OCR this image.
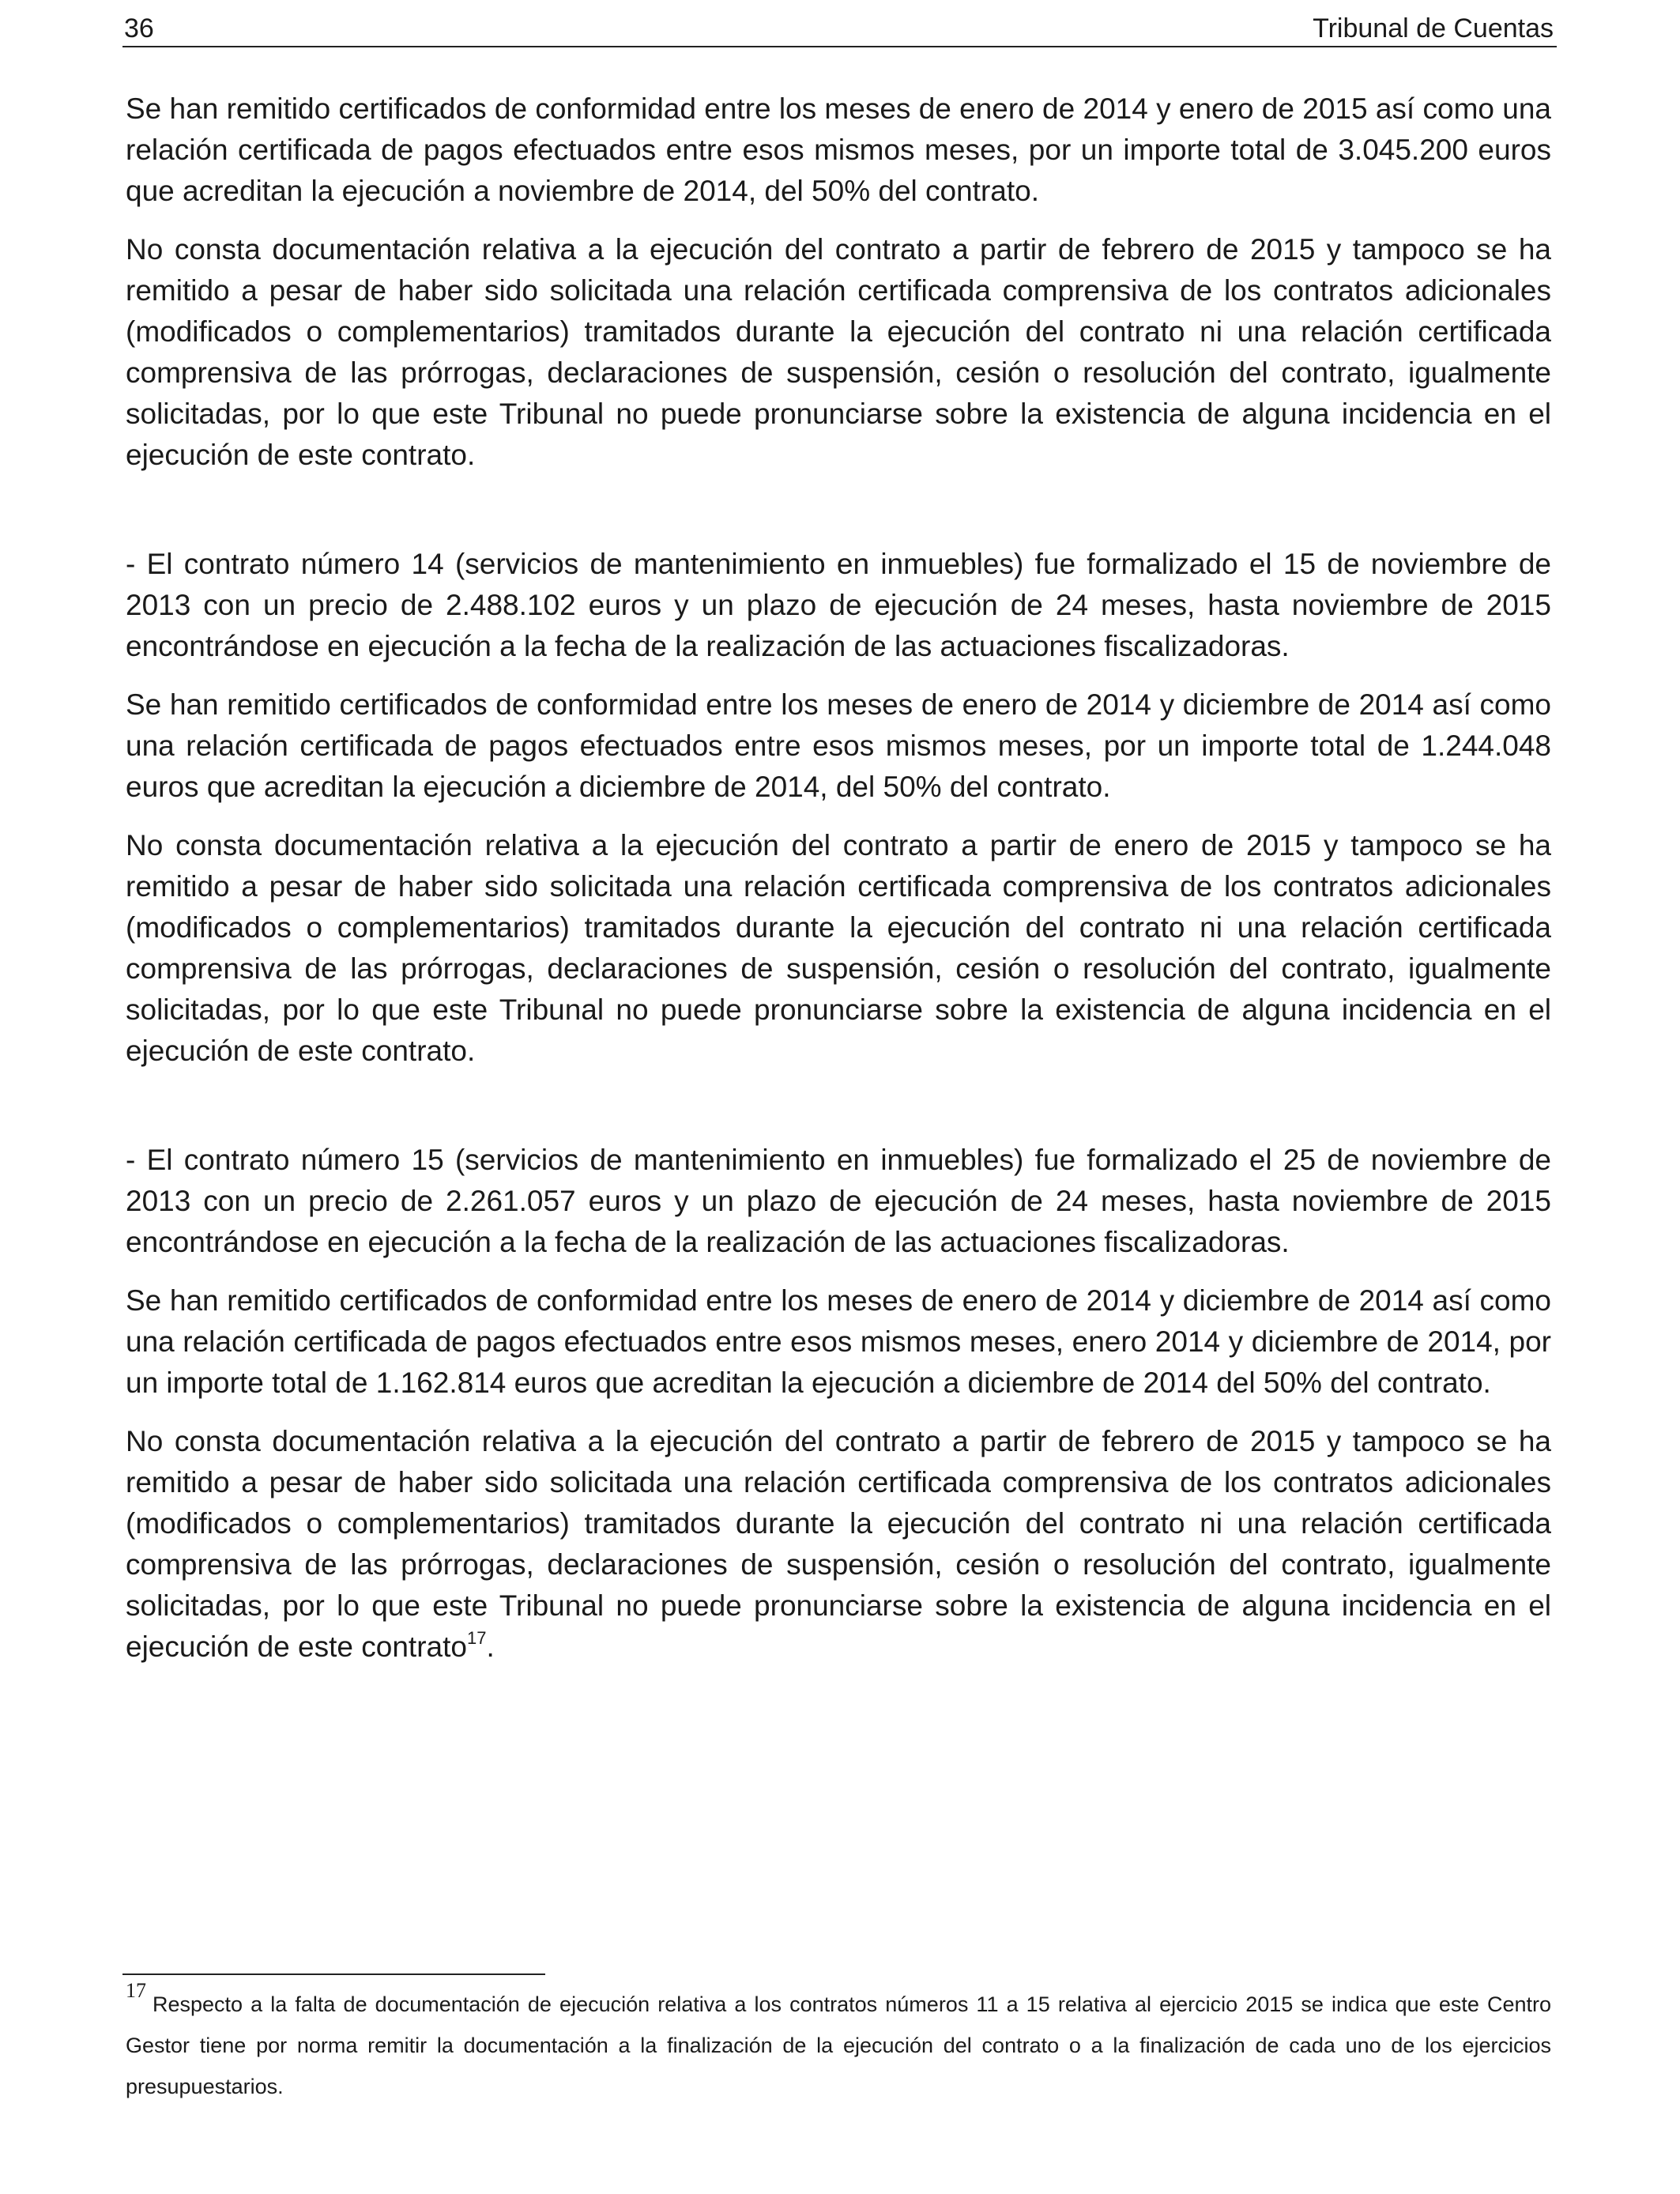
36	Tribunal de Cuentas

Se han remitido certificados de conformidad entre los meses de enero de 2014 y enero de 2015 así como una relación certificada de pagos efectuados entre esos mismos meses, por un importe total de 3.045.200 euros que acreditan la ejecución a noviembre de 2014, del 50% del contrato.

No consta documentación relativa a la ejecución del contrato a partir de febrero de 2015 y tampoco se ha remitido a pesar de haber sido solicitada una relación certificada comprensiva de los contratos adicionales (modificados o complementarios) tramitados durante la ejecución del contrato ni una relación certificada comprensiva de las prórrogas, declaraciones de suspensión, cesión o resolución del contrato, igualmente solicitadas, por lo que este Tribunal no puede pronunciarse sobre la existencia de alguna incidencia en el ejecución de este contrato.

- El contrato número 14 (servicios de mantenimiento en inmuebles) fue formalizado el 15 de noviembre de 2013 con un precio de 2.488.102 euros y un plazo de ejecución de 24 meses, hasta noviembre de 2015 encontrándose en ejecución a la fecha de la realización de las actuaciones fiscalizadoras.

Se han remitido certificados de conformidad entre los meses de enero de 2014 y diciembre de 2014 así como una relación certificada de pagos efectuados entre esos mismos meses, por un importe total de 1.244.048 euros que acreditan la ejecución a diciembre de 2014, del 50% del contrato.

No consta documentación relativa a la ejecución del contrato a partir de enero de 2015 y tampoco se ha remitido a pesar de haber sido solicitada una relación certificada comprensiva de los contratos adicionales (modificados o complementarios) tramitados durante la ejecución del contrato ni una relación certificada comprensiva de las prórrogas, declaraciones de suspensión, cesión o resolución del contrato, igualmente solicitadas, por lo que este Tribunal no puede pronunciarse sobre la existencia de alguna incidencia en el ejecución de este contrato.

- El contrato número 15 (servicios de mantenimiento en inmuebles) fue formalizado el 25 de noviembre de 2013 con un precio de 2.261.057 euros y un plazo de ejecución de 24 meses, hasta noviembre de 2015 encontrándose en ejecución a la fecha de la realización de las actuaciones fiscalizadoras.

Se han remitido certificados de conformidad entre los meses de enero de 2014 y diciembre de 2014 así como una relación certificada de pagos efectuados entre esos mismos meses, enero 2014 y diciembre de 2014, por un importe total de 1.162.814 euros que acreditan la ejecución a diciembre de 2014 del 50% del contrato.

No consta documentación relativa a la ejecución del contrato a partir de febrero de 2015 y tampoco se ha remitido a pesar de haber sido solicitada una relación certificada comprensiva de los contratos adicionales (modificados o complementarios) tramitados durante la ejecución del contrato ni una relación certificada comprensiva de las prórrogas, declaraciones de suspensión, cesión o resolución del contrato, igualmente solicitadas, por lo que este Tribunal no puede pronunciarse sobre la existencia de alguna incidencia en el ejecución de este contrato$^{17}$.

17Respecto a la falta de documentación de ejecución relativa a los contratos números 11 a 15 relativa al ejercicio 2015 se indica que este Centro Gestor tiene por norma remitir la documentación a la finalización de la ejecución del contrato o a la finalización de cada uno de los ejercicios presupuestarios.
